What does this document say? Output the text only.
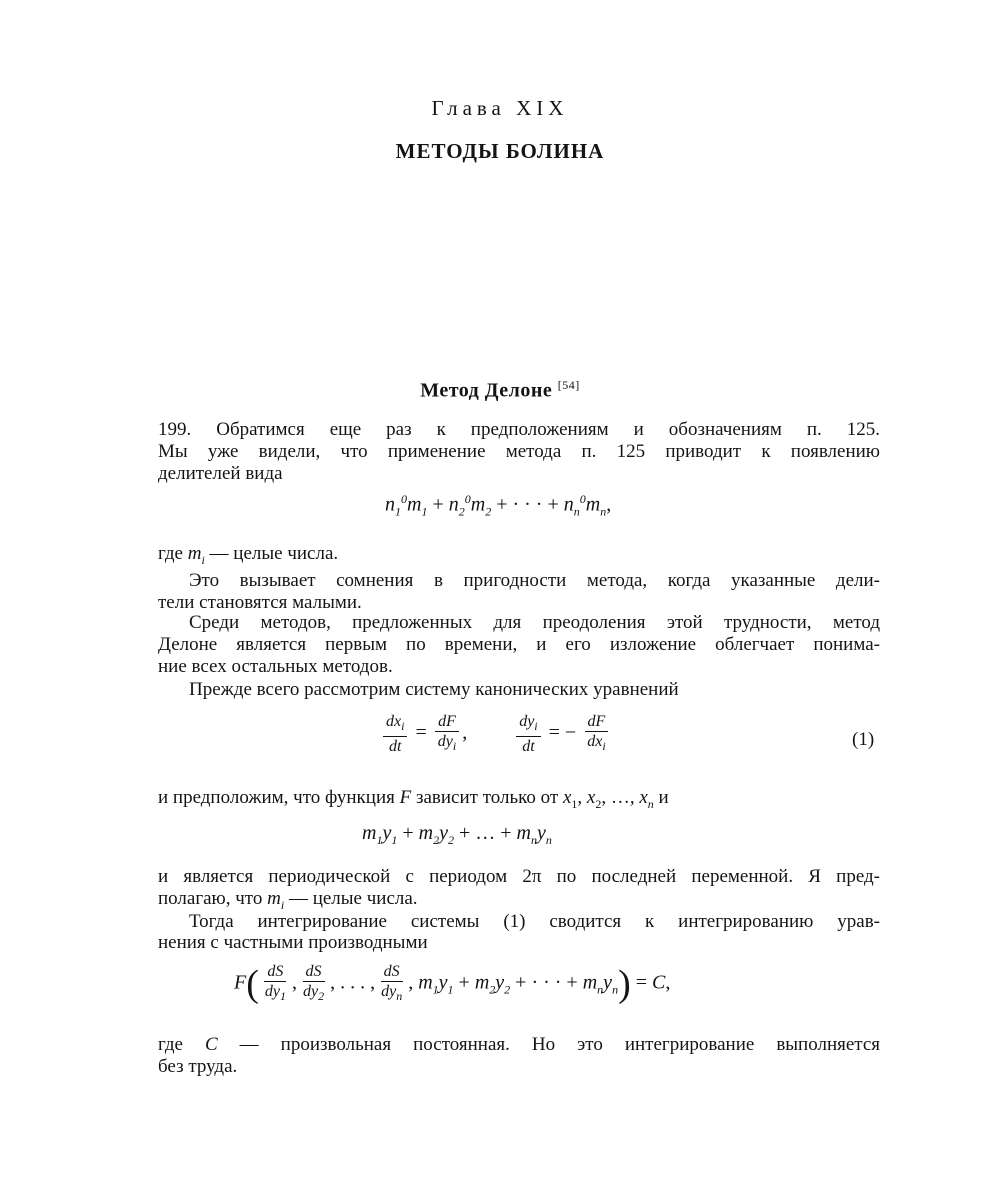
Глава XIX
МЕТОДЫ БОЛИНА
Метод Делоне [54]
199. Обратимся еще раз к предположениям и обозначениям п. 125.
Мы уже видели, что применение метода п. 125 приводит к появлению
делителей вида
$n_1^0m_1 + n_2^0m_2$ + · · · + $n_n^0m_n$,
где $m_i$ — целые числа.
Это вызывает сомнения в пригодности метода, когда указанные дели-
тели становятся малыми.
Среди методов, предложенных для преодоления этой трудности, метод
Делоне является первым по времени, и его изложение облегчает понима-
ние всех остальных методов.
Прежде всего рассмотрим систему канонических уравнений
$\frac{dx_i}{dt} = \frac{dF}{dy_i}$ ,	$\frac{dy_i}{dt}$ = − $\frac{dF}{dx_i}$	(1)
и предположим, что функция F зависит только от $x_1$, $x_2$, …, $x_n$ и
$m_1y_1 + m_2y_2$ + … + $m_ny_n$
и является периодической с периодом 2π по последней переменной. Я пред-
полагаю, что $m_i$ — целые числа.
Тогда интегрирование системы (1) сводится к интегрированию урав-
нения с частными производными
$F( \frac{dS}{dy_1}$ , $\frac{dS}{dy_2}$ , . . . , $\frac{dS}{dy_n}$ , $m_1y_1 + m_2y_2$ + · · · + $m_ny_n) = C$,
где C — произвольная постоянная. Но это интегрирование выполняется
без труда.
